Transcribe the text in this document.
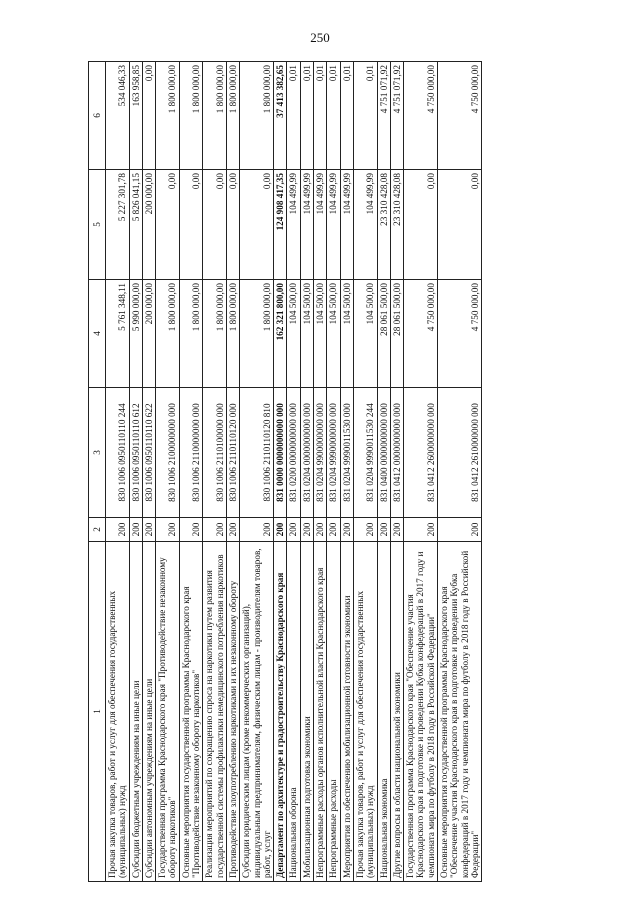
250
1	2	3	4	5	6
Прочая закупка товаров, работ и услуг для обеспечения государственных (муниципальных) нужд	200	830 1006 0950110110 244	5 761 348,11	5 227 301,78	534 046,33
Субсидии бюджетным учреждениям на иные цели	200	830 1006 0950110110 612	5 990 000,00	5 826 041,15	163 958,85
Субсидии автономным учреждениям на иные цели	200	830 1006 0950110110 622	200 000,00	200 000,00	0,00
Государственная программа Краснодарского края "Противодействие незаконному обороту наркотиков"	200	830 1006 2100000000 000	1 800 000,00	0,00	1 800 000,00
Основные мероприятия государственной программы Краснодарского края "Противодействие незаконному обороту наркотиков"	200	830 1006 2110000000 000	1 800 000,00	0,00	1 800 000,00
Реализация мероприятий по сокращению спроса на наркотики путем развития государственной системы профилактики немедицинского потребления наркотиков	200	830 1006 2110100000 000	1 800 000,00	0,00	1 800 000,00
Противодействие злоупотреблению наркотиками и их незаконному обороту	200	830 1006 2110110120 000	1 800 000,00	0,00	1 800 000,00
Субсидии юридическим лицам (кроме некоммерческих организаций), индивидуальным предпринимателям, физическим лицам - производителям товаров, работ, услуг	200	830 1006 2110110120 810	1 800 000,00	0,00	1 800 000,00
Департамент по архитектуре и градостроительству Краснодарского края	200	831 0000 0000000000 000	162 321 800,00	124 908 417,35	37 413 382,65
Национальная оборона	200	831 0200 0000000000 000	104 500,00	104 499,99	0,01
Мобилизационная подготовка экономики	200	831 0204 0000000000 000	104 500,00	104 499,99	0,01
Непрограммные расходы органов исполнительной власти Краснодарского края	200	831 0204 9900000000 000	104 500,00	104 499,99	0,01
Непрограммные расходы	200	831 0204 9990000000 000	104 500,00	104 499,99	0,01
Мероприятия по обеспечению мобилизационной готовности экономики	200	831 0204 9990011530 000	104 500,00	104 499,99	0,01
Прочая закупка товаров, работ и услуг для обеспечения государственных (муниципальных) нужд	200	831 0204 9990011530 244	104 500,00	104 499,99	0,01
Национальная экономика	200	831 0400 0000000000 000	28 061 500,00	23 310 428,08	4 751 071,92
Другие вопросы в области национальной экономики	200	831 0412 0000000000 000	28 061 500,00	23 310 428,08	4 751 071,92
Государственная программа Краснодарского края "Обеспечение участия Краснодарского края в подготовке и проведении Кубка конфедераций в 2017 году и чемпионата мира по футболу в 2018 году в Российской Федерации"	200	831 0412 2600000000 000	4 750 000,00	0,00	4 750 000,00
Основные мероприятия государственной программы Краснодарского края "Обеспечение участия Краснодарского края в подготовке и проведении Кубка конфедераций в 2017 году и чемпионата мира по футболу в 2018 году в Российской Федерации"	200	831 0412 2610000000 000	4 750 000,00	0,00	4 750 000,00
